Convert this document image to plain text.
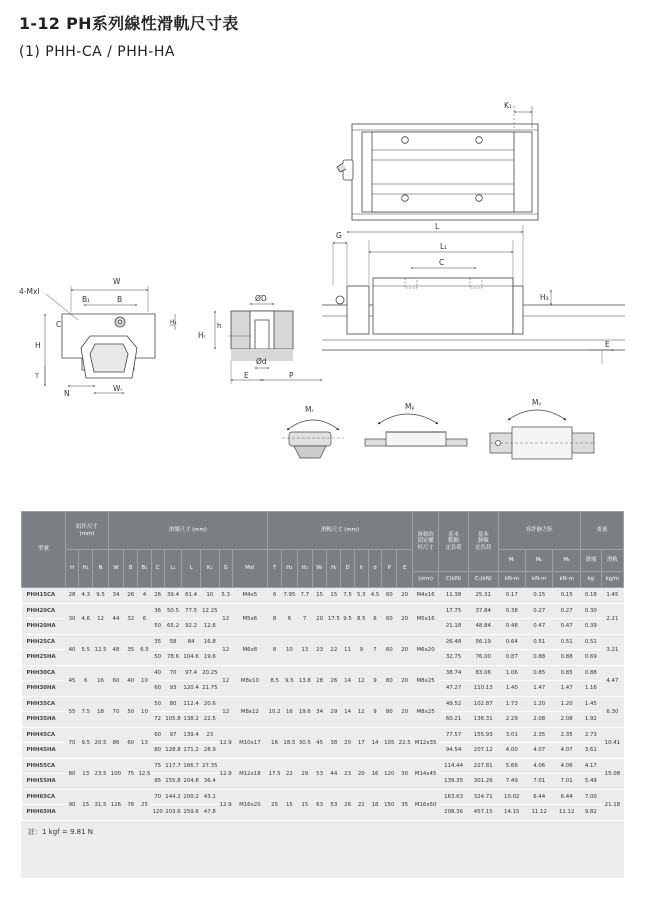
1-12 PH系列線性滑軌尺寸表
(1) PHH-CA / PHH-HA
K₁
G
L
L₁
C
H₃
E
4-Mxl
W
B₁	B
C	H₁
H
T
N
Wᵣ
Hᵣ
h
ØD
Ød
E	P
Mᵣ	Mₚ	Mᵧ
型號	組件尺寸
(mm)			滑塊尺寸 (mm)									滑軌尺寸 (mm)										滑軌的
固定螺
栓尺寸	基本
動額
定負荷	基本
靜額
定負荷	容許靜力矩			重量	
	H	H₁	N	W	B	B₁	C	L₁	L	K₁	G	Mxl	T	H₂	H₃	Wᵣ	Hᵣ	D	h	d	P	E				Mᵣ	Mₚ	Mᵧ	滑塊	滑軌
																							(mm)	C(kN)	C₀(kN)	kN-m	kN-m	kN-m	kg	kg/m
PHH15CA	28	4.3	9.5	34	26	4	26	39.4	61.4	10	5.3	M4x5	6	7.95	7.7	15	15	7.5	5.3	4.5	60	20	M4x16	11.38	25.31	0.17	0.15	0.15	0.18	1.45
PHH20CA	30	4.6	12	44	32	6	36	50.5	77.5	12.25	12	M5x6	8	6	7	20	17.5	9.5	8.5	6	60	20	M5x16	17.75	37.84	0.38	0.27	0.27	0.30	2.21
PHH20HA							50	65.2	92.2	12.6														21.18	48.84	0.48	0.47	0.47	0.39	
PHH25CA	40	5.5	12.5	48	35	6.5	35	58	84	16.8	12	M6x8	8	10	13	23	22	11	9	7	60	20	M6x20	26.48	56.19	0.64	0.51	0.51	0.51	3.21
PHH25HA							50	78.6	104.6	19.6														32.75	76.00	0.87	0.88	0.88	0.69	
PHH30CA	45	6	16	60	40	10	40	70	97.4	20.25	12	M8x10	8.5	9.5	13.8	28	26	14	12	9	80	20	M8x25	38.74	83.06	1.06	0.85	0.85	0.88	4.47
PHH30HA							60	93	120.4	21.75														47.27	110.13	1.40	1.47	1.47	1.16	
PHH35CA	55	7.5	18	70	50	10	50	80	112.4	20.6	12	M8x12	10.2	16	19.6	34	29	14	12	9	80	20	M8x25	49.52	102.87	1.73	1.20	1.20	1.45	6.30
PHH35HA							72	105.8	138.2	22.5														60.21	136.31	2.29	2.08	2.08	1.92	
PHH45CA	70	9.5	20.5	86	60	13	60	97	139.4	23	12.9	M10x17	16	18.5	30.5	45	38	20	17	14	105	22.5	M12x35	77.57	155.93	3.01	2.35	2.35	2.73	10.41
PHH45HA							80	128.8	171.2	28.9														94.54	207.12	4.00	4.07	4.07	3.61	
PHH55CA	80	13	23.5	100	75	12.5	75	117.7	166.7	27.35	12.9	M12x18	17.5	22	29	53	44	23	20	16	120	30	M14x45	114.44	227.81	5.66	4.06	4.06	4.17	15.08
PHH55HA							95	155.8	204.8	36.4														139.35	301.26	7.49	7.01	7.01	5.49	
PHH65CA	90	15	31.5	126	76	25	70	144.2	200.2	43.1	12.9	M16x20	25	15	15	63	53	26	22	18	150	35	M16x50	163.63	324.71	10.02	6.44	6.44	7.00	21.18
PHH65HA							120	203.6	259.6	47.8														208.36	457.15	14.15	11.12	11.12	9.82	
註：1 kgf = 9.81 N
